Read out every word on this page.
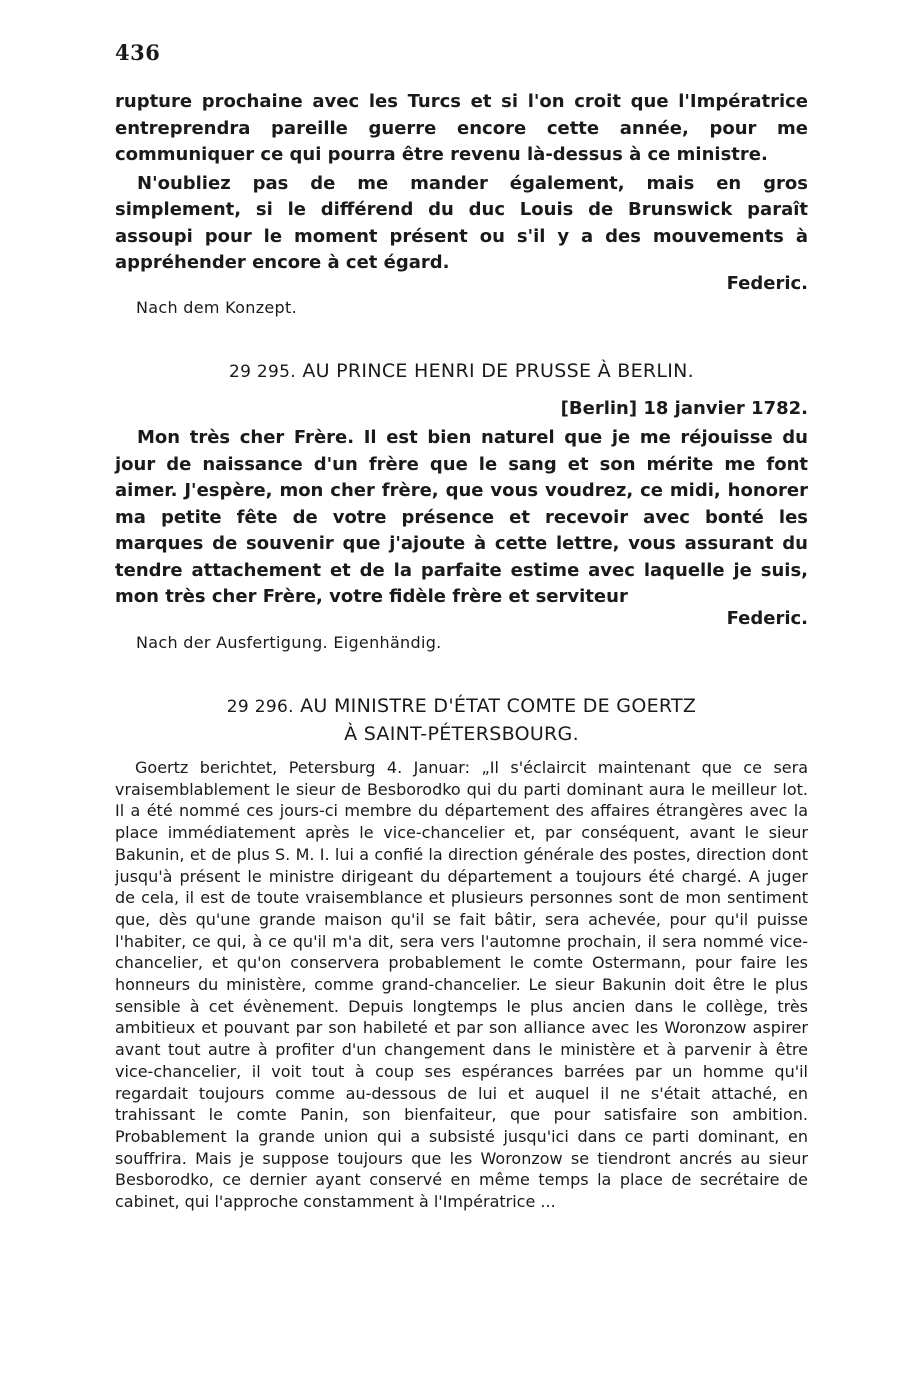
436

rupture prochaine avec les Turcs et si l'on croit que l'Impératrice entreprendra pareille guerre encore cette année, pour me communiquer ce qui pourra être revenu là-dessus à ce ministre.

N'oubliez pas de me mander également, mais en gros simplement, si le différend du duc Louis de Brunswick paraît assoupi pour le moment présent ou s'il y a des mouvements à appréhender encore à cet égard.

Federic.
Nach dem Konzept.
29 295. AU PRINCE HENRI DE PRUSSE À BERLIN.
[Berlin] 18 janvier 1782.

Mon très cher Frère. Il est bien naturel que je me réjouisse du jour de naissance d'un frère que le sang et son mérite me font aimer. J'espère, mon cher frère, que vous voudrez, ce midi, honorer ma petite fête de votre présence et recevoir avec bonté les marques de souvenir que j'ajoute à cette lettre, vous assurant du tendre attachement et de la parfaite estime avec laquelle je suis, mon très cher Frère, votre fidèle frère et serviteur

Federic.
Nach der Ausfertigung. Eigenhändig.
29 296. AU MINISTRE D'ÉTAT COMTE DE GOERTZ
À SAINT-PÉTERSBOURG.

Goertz berichtet, Petersburg 4. Januar: „Il s'éclaircit maintenant que ce sera vraisemblablement le sieur de Besborodko qui du parti dominant aura le meilleur lot. Il a été nommé ces jours-ci membre du département des affaires étrangères avec la place immédiatement après le vice-chancelier et, par conséquent, avant le sieur Bakunin, et de plus S. M. I. lui a confié la direction générale des postes, direction dont jusqu'à présent le ministre dirigeant du département a toujours été chargé. A juger de cela, il est de toute vraisemblance et plusieurs personnes sont de mon sentiment que, dès qu'une grande maison qu'il se fait bâtir, sera achevée, pour qu'il puisse l'habiter, ce qui, à ce qu'il m'a dit, sera vers l'automne prochain, il sera nommé vice-chancelier, et qu'on conservera probablement le comte Ostermann, pour faire les honneurs du ministère, comme grand-chancelier. Le sieur Bakunin doit être le plus sensible à cet évènement. Depuis longtemps le plus ancien dans le collège, très ambitieux et pouvant par son habileté et par son alliance avec les Woronzow aspirer avant tout autre à profiter d'un changement dans le ministère et à parvenir à être vice-chancelier, il voit tout à coup ses espérances barrées par un homme qu'il regardait toujours comme au-dessous de lui et auquel il ne s'était attaché, en trahissant le comte Panin, son bienfaiteur, que pour satisfaire son ambition. Probablement la grande union qui a subsisté jusqu'ici dans ce parti dominant, en souffrira. Mais je suppose toujours que les Woronzow se tiendront ancrés au sieur Besborodko, ce dernier ayant conservé en même temps la place de secrétaire de cabinet, qui l'approche constamment à l'Impératrice ...
